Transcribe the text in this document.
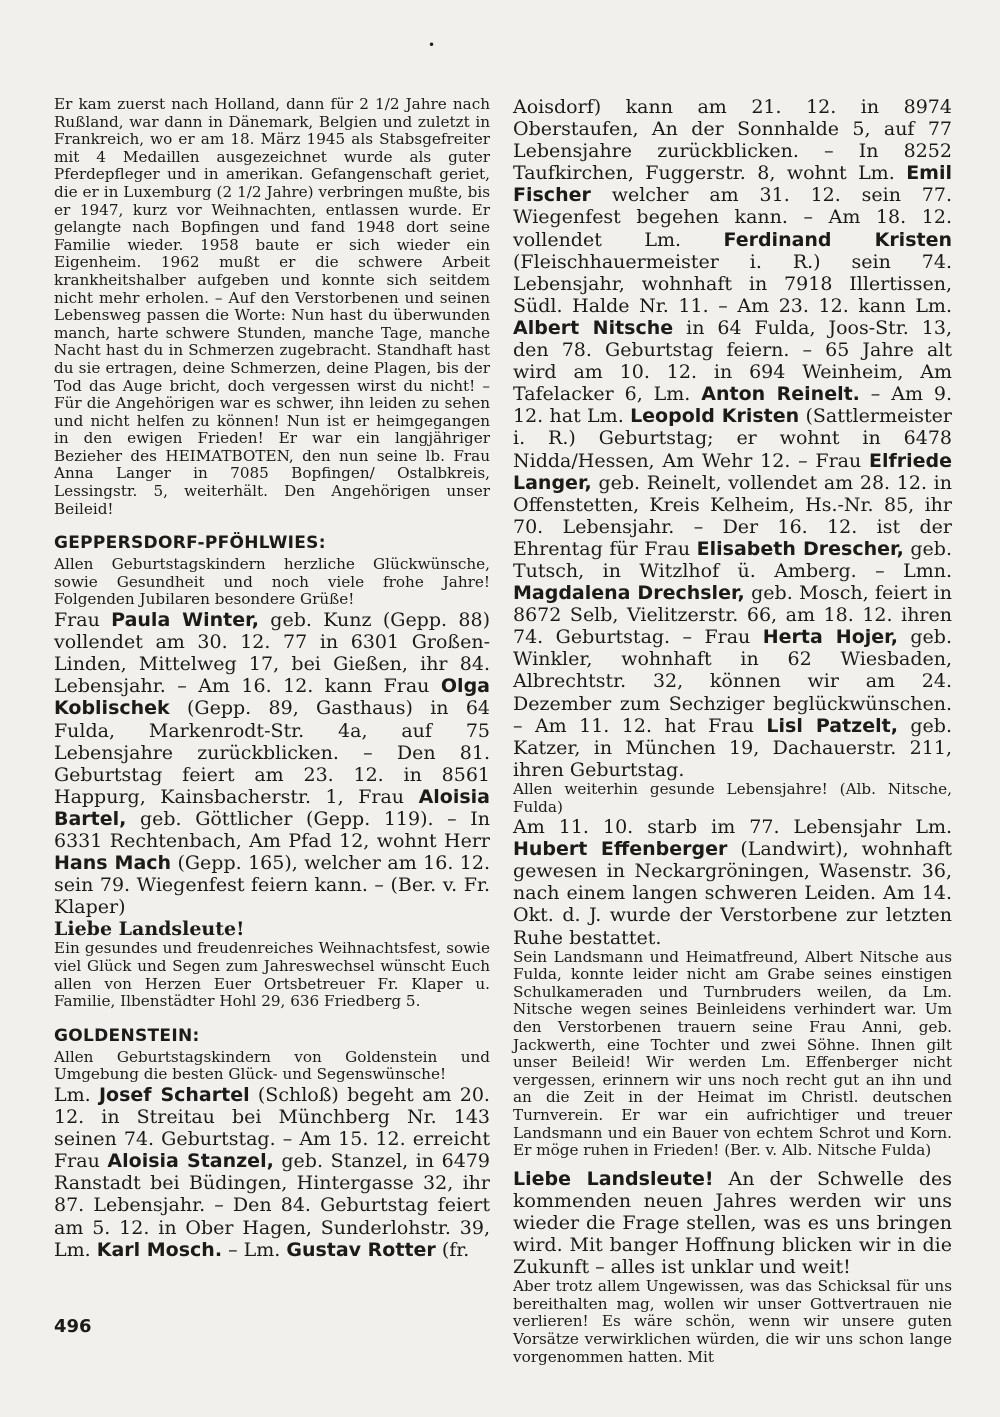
•

Er kam zuerst nach Holland, dann für 2 1/2 Jahre nach Rußland, war dann in Dänemark, Belgien und zuletzt in Frankreich, wo er am 18. März 1945 als Stabsgefreiter mit 4 Medaillen ausgezeichnet wurde als guter Pferdepfleger und in amerikan. Gefangenschaft geriet, die er in Luxemburg (2 1/2 Jahre) verbringen mußte, bis er 1947, kurz vor Weihnachten, entlassen wurde. Er gelangte nach Bopfingen und fand 1948 dort seine Familie wieder. 1958 baute er sich wieder ein Eigenheim. 1962 mußt er die schwere Arbeit krankheitshalber aufgeben und konnte sich seitdem nicht mehr erholen. – Auf den Verstorbenen und seinen Lebensweg passen die Worte: Nun hast du überwunden manch, harte schwere Stunden, manche Tage, manche Nacht hast du in Schmerzen zugebracht. Standhaft hast du sie ertragen, deine Schmerzen, deine Plagen, bis der Tod das Auge bricht, doch vergessen wirst du nicht! – Für die Angehörigen war es schwer, ihn leiden zu sehen und nicht helfen zu können! Nun ist er heimgegangen in den ewigen Frieden! Er war ein langjähriger Bezieher des HEIMATBOTEN, den nun seine lb. Frau Anna Langer in 7085 Bopfingen/ Ostalbkreis, Lessingstr. 5, weiterhält. Den Angehörigen unser Beileid!

GEPPERSDORF-PFÖHLWIES:

Allen Geburtstagskindern herzliche Glückwünsche, sowie Gesundheit und noch viele frohe Jahre! Folgenden Jubilaren besondere Grüße!

Frau Paula Winter, geb. Kunz (Gepp. 88) vollendet am 30. 12. 77 in 6301 Großen-Linden, Mittelweg 17, bei Gießen, ihr 84. Lebensjahr. – Am 16. 12. kann Frau Olga Koblischek (Gepp. 89, Gasthaus) in 64 Fulda, Markenrodt-Str. 4a, auf 75 Lebensjahre zurückblicken. – Den 81. Geburtstag feiert am 23. 12. in 8561 Happurg, Kainsbacherstr. 1, Frau Aloisia Bartel, geb. Göttlicher (Gepp. 119). – In 6331 Rechtenbach, Am Pfad 12, wohnt Herr Hans Mach (Gepp. 165), welcher am 16. 12. sein 79. Wiegenfest feiern kann. – (Ber. v. Fr. Klaper)

Liebe Landsleute!

Ein gesundes und freudenreiches Weihnachtsfest, sowie viel Glück und Segen zum Jahreswechsel wünscht Euch allen von Herzen Euer Ortsbetreuer Fr. Klaper u. Familie, Ilbenstädter Hohl 29, 636 Friedberg 5.

GOLDENSTEIN:

Allen Geburtstagskindern von Goldenstein und Umgebung die besten Glück- und Segenswünsche!

Lm. Josef Schartel (Schloß) begeht am 20. 12. in Streitau bei Münchberg Nr. 143 seinen 74. Geburtstag. – Am 15. 12. erreicht Frau Aloisia Stanzel, geb. Stanzel, in 6479 Ranstadt bei Büdingen, Hintergasse 32, ihr 87. Lebensjahr. – Den 84. Geburtstag feiert am 5. 12. in Ober Hagen, Sunderlohstr. 39, Lm. Karl Mosch. – Lm. Gustav Rotter (fr.

Aoisdorf) kann am 21. 12. in 8974 Oberstaufen, An der Sonnhalde 5, auf 77 Lebensjahre zurückblicken. – In 8252 Taufkirchen, Fuggerstr. 8, wohnt Lm. Emil Fischer welcher am 31. 12. sein 77. Wiegenfest begehen kann. – Am 18. 12. vollendet Lm. Ferdinand Kristen (Fleischhauermeister i. R.) sein 74. Lebensjahr, wohnhaft in 7918 Illertissen, Südl. Halde Nr. 11. – Am 23. 12. kann Lm. Albert Nitsche in 64 Fulda, Joos-Str. 13, den 78. Geburtstag feiern. – 65 Jahre alt wird am 10. 12. in 694 Weinheim, Am Tafelacker 6, Lm. Anton Reinelt. – Am 9. 12. hat Lm. Leopold Kristen (Sattlermeister i. R.) Geburtstag; er wohnt in 6478 Nidda/Hessen, Am Wehr 12. – Frau Elfriede Langer, geb. Reinelt, vollendet am 28. 12. in Offenstetten, Kreis Kelheim, Hs.-Nr. 85, ihr 70. Lebensjahr. – Der 16. 12. ist der Ehrentag für Frau Elisabeth Drescher, geb. Tutsch, in Witzlhof ü. Amberg. – Lmn. Magdalena Drechsler, geb. Mosch, feiert in 8672 Selb, Vielitzerstr. 66, am 18. 12. ihren 74. Geburtstag. – Frau Herta Hojer, geb. Winkler, wohnhaft in 62 Wiesbaden, Albrechtstr. 32, können wir am 24. Dezember zum Sechziger beglückwünschen. – Am 11. 12. hat Frau Lisl Patzelt, geb. Katzer, in München 19, Dachauerstr. 211, ihren Geburtstag.

Allen weiterhin gesunde Lebensjahre! (Alb. Nitsche, Fulda)

Am 11. 10. starb im 77. Lebensjahr Lm. Hubert Effenberger (Landwirt), wohnhaft gewesen in Neckargröningen, Wasenstr. 36, nach einem langen schweren Leiden. Am 14. Okt. d. J. wurde der Verstorbene zur letzten Ruhe bestattet.

Sein Landsmann und Heimatfreund, Albert Nitsche aus Fulda, konnte leider nicht am Grabe seines einstigen Schulkameraden und Turnbruders weilen, da Lm. Nitsche wegen seines Beinleidens verhindert war. Um den Verstorbenen trauern seine Frau Anni, geb. Jackwerth, eine Tochter und zwei Söhne. Ihnen gilt unser Beileid! Wir werden Lm. Effenberger nicht vergessen, erinnern wir uns noch recht gut an ihn und an die Zeit in der Heimat im Christl. deutschen Turnverein. Er war ein aufrichtiger und treuer Landsmann und ein Bauer von echtem Schrot und Korn. Er möge ruhen in Frieden! (Ber. v. Alb. Nitsche Fulda)

Liebe Landsleute! An der Schwelle des kommenden neuen Jahres werden wir uns wieder die Frage stellen, was es uns bringen wird. Mit banger Hoffnung blicken wir in die Zukunft – alles ist unklar und weit!

Aber trotz allem Ungewissen, was das Schicksal für uns bereithalten mag, wollen wir unser Gottvertrauen nie verlieren! Es wäre schön, wenn wir unsere guten Vorsätze verwirklichen würden, die wir uns schon lange vorgenommen hatten. Mit

496
